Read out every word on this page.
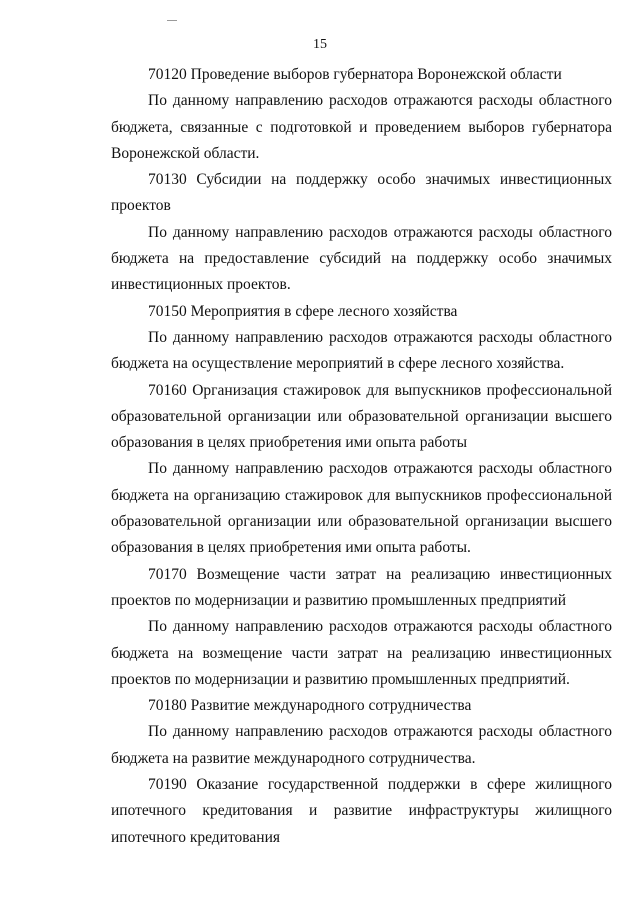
15

70120 Проведение выборов губернатора Воронежской области

По данному направлению расходов отражаются расходы областного бюджета, связанные с подготовкой и проведением выборов губернатора Воронежской области.

70130 Субсидии на поддержку особо значимых инвестиционных проектов

По данному направлению расходов отражаются расходы областного бюджета на предоставление субсидий на поддержку особо значимых инвестиционных проектов.

70150 Мероприятия в сфере лесного хозяйства

По данному направлению расходов отражаются расходы областного бюджета на осуществление мероприятий в сфере лесного хозяйства.

70160 Организация стажировок для выпускников профессиональной образовательной организации или образовательной организации высшего образования в целях приобретения ими опыта работы

По данному направлению расходов отражаются расходы областного бюджета на организацию стажировок для выпускников профессиональной образовательной организации или образовательной организации высшего образования в целях приобретения ими опыта работы.

70170 Возмещение части затрат на реализацию инвестиционных проектов по модернизации и развитию промышленных предприятий

По данному направлению расходов отражаются расходы областного бюджета на возмещение части затрат на реализацию инвестиционных проектов по модернизации и развитию промышленных предприятий.

70180 Развитие международного сотрудничества

По данному направлению расходов отражаются расходы областного бюджета на развитие международного сотрудничества.

70190 Оказание государственной поддержки в сфере жилищного ипотечного кредитования и развитие инфраструктуры жилищного ипотечного кредитования
